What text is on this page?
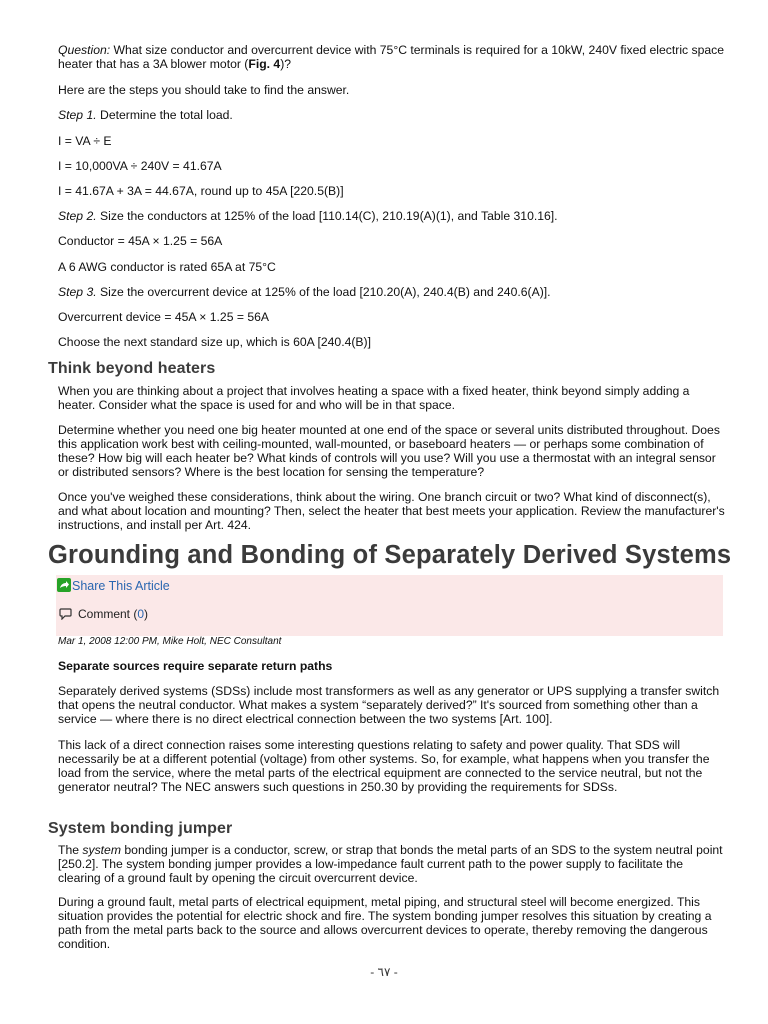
Question: What size conductor and overcurrent device with 75°C terminals is required for a 10kW, 240V fixed electric space heater that has a 3A blower motor (Fig. 4)?

Here are the steps you should take to find the answer.

Step 1. Determine the total load.

I = VA ÷ E

I = 10,000VA ÷ 240V = 41.67A

I = 41.67A + 3A = 44.67A, round up to 45A [220.5(B)]

Step 2. Size the conductors at 125% of the load [110.14(C), 210.19(A)(1), and Table 310.16].

Conductor = 45A × 1.25 = 56A

A 6 AWG conductor is rated 65A at 75°C

Step 3. Size the overcurrent device at 125% of the load [210.20(A), 240.4(B) and 240.6(A)].

Overcurrent device = 45A × 1.25 = 56A

Choose the next standard size up, which is 60A [240.4(B)]

Think beyond heaters

When you are thinking about a project that involves heating a space with a fixed heater, think beyond simply adding a heater. Consider what the space is used for and who will be in that space.

Determine whether you need one big heater mounted at one end of the space or several units distributed throughout. Does this application work best with ceiling-mounted, wall-mounted, or baseboard heaters — or perhaps some combination of these? How big will each heater be? What kinds of controls will you use? Will you use a thermostat with an integral sensor or distributed sensors? Where is the best location for sensing the temperature?

Once you've weighed these considerations, think about the wiring. One branch circuit or two? What kind of disconnect(s), and what about location and mounting? Then, select the heater that best meets your application. Review the manufacturer's instructions, and install per Art. 424.

Grounding and Bonding of Separately Derived Systems
Share This Article
Comment (0)
Mar 1, 2008 12:00 PM, Mike Holt, NEC Consultant

Separate sources require separate return paths

Separately derived systems (SDSs) include most transformers as well as any generator or UPS supplying a transfer switch that opens the neutral conductor. What makes a system “separately derived?” It's sourced from something other than a service — where there is no direct electrical connection between the two systems [Art. 100].

This lack of a direct connection raises some interesting questions relating to safety and power quality. That SDS will necessarily be at a different potential (voltage) from other systems. So, for example, what happens when you transfer the load from the service, where the metal parts of the electrical equipment are connected to the service neutral, but not the generator neutral? The NEC answers such questions in 250.30 by providing the requirements for SDSs.

System bonding jumper

The system bonding jumper is a conductor, screw, or strap that bonds the metal parts of an SDS to the system neutral point [250.2]. The system bonding jumper provides a low-impedance fault current path to the power supply to facilitate the clearing of a ground fault by opening the circuit overcurrent device.

During a ground fault, metal parts of electrical equipment, metal piping, and structural steel will become energized. This situation provides the potential for electric shock and fire. The system bonding jumper resolves this situation by creating a path from the metal parts back to the source and allows overcurrent devices to operate, thereby removing the dangerous condition.

- ٦٧ -
